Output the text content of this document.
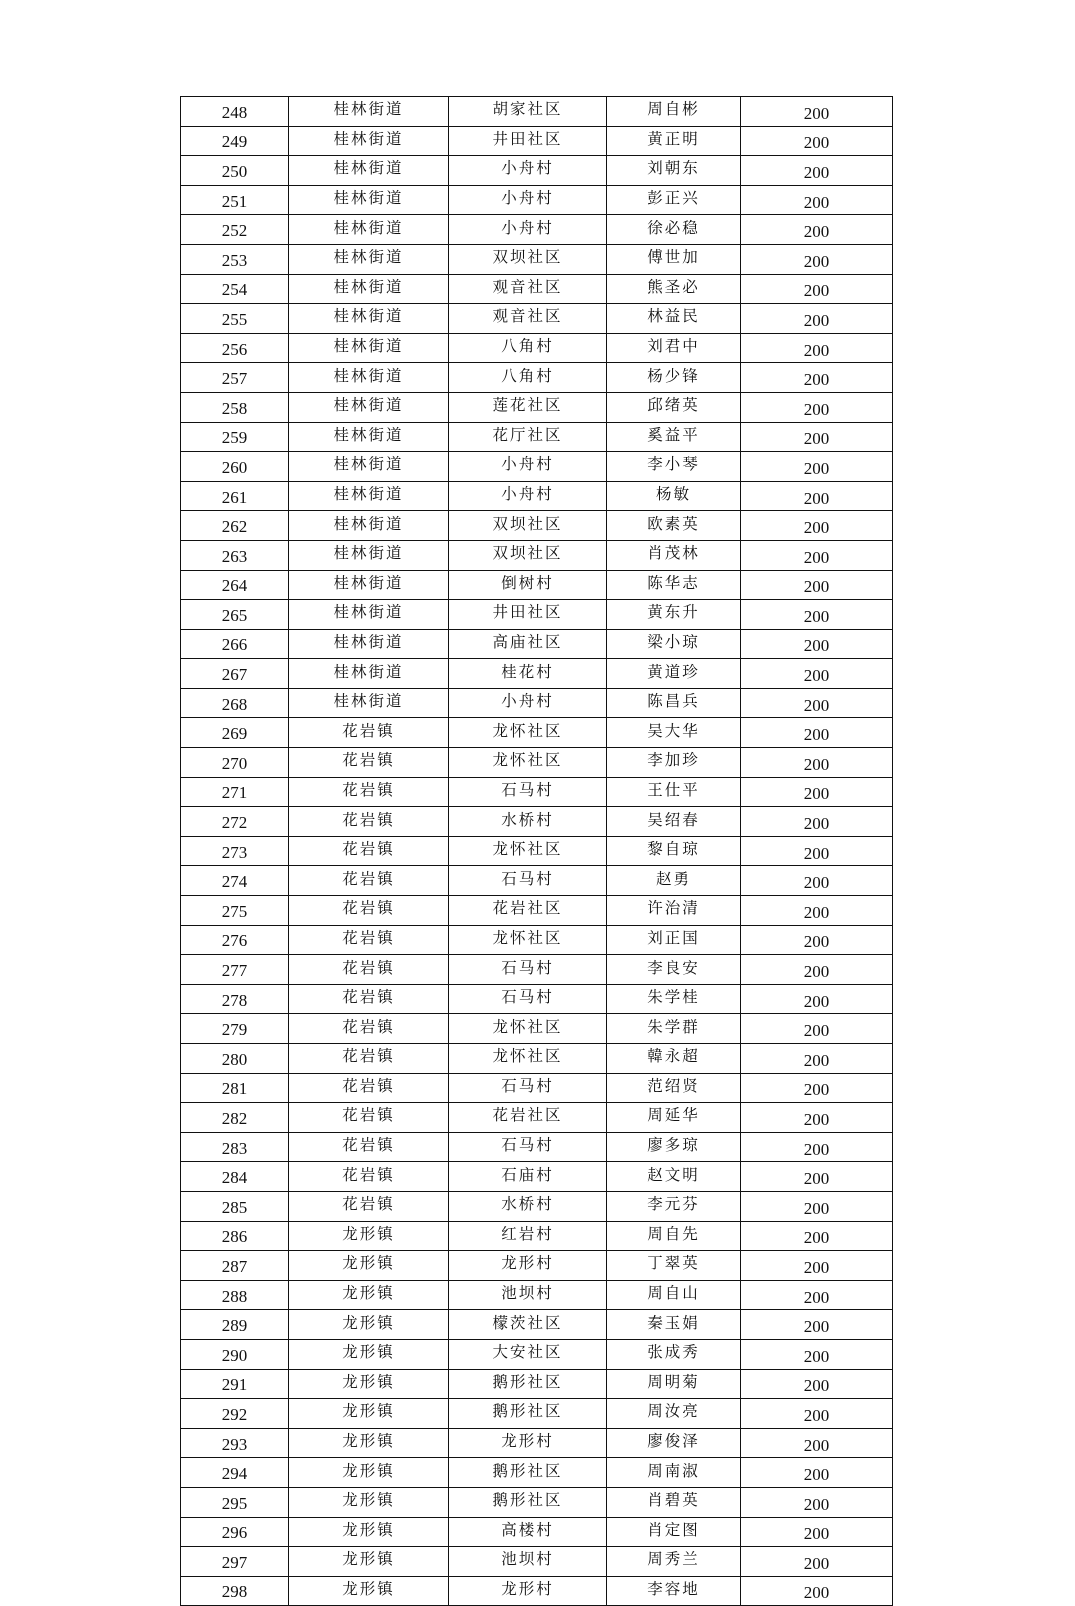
248	桂林街道	胡家社区	周自彬	200
249	桂林街道	井田社区	黄正明	200
250	桂林街道	小舟村	刘朝东	200
251	桂林街道	小舟村	彭正兴	200
252	桂林街道	小舟村	徐必稳	200
253	桂林街道	双坝社区	傅世加	200
254	桂林街道	观音社区	熊圣必	200
255	桂林街道	观音社区	林益民	200
256	桂林街道	八角村	刘君中	200
257	桂林街道	八角村	杨少锋	200
258	桂林街道	莲花社区	邱绪英	200
259	桂林街道	花厅社区	奚益平	200
260	桂林街道	小舟村	李小琴	200
261	桂林街道	小舟村	杨敏	200
262	桂林街道	双坝社区	欧素英	200
263	桂林街道	双坝社区	肖茂林	200
264	桂林街道	倒树村	陈华志	200
265	桂林街道	井田社区	黄东升	200
266	桂林街道	高庙社区	梁小琼	200
267	桂林街道	桂花村	黄道珍	200
268	桂林街道	小舟村	陈昌兵	200
269	花岩镇	龙怀社区	吴大华	200
270	花岩镇	龙怀社区	李加珍	200
271	花岩镇	石马村	王仕平	200
272	花岩镇	水桥村	吴绍春	200
273	花岩镇	龙怀社区	黎自琼	200
274	花岩镇	石马村	赵勇	200
275	花岩镇	花岩社区	许治清	200
276	花岩镇	龙怀社区	刘正国	200
277	花岩镇	石马村	李良安	200
278	花岩镇	石马村	朱学桂	200
279	花岩镇	龙怀社区	朱学群	200
280	花岩镇	龙怀社区	韓永超	200
281	花岩镇	石马村	范绍贤	200
282	花岩镇	花岩社区	周延华	200
283	花岩镇	石马村	廖多琼	200
284	花岩镇	石庙村	赵文明	200
285	花岩镇	水桥村	李元芬	200
286	龙形镇	红岩村	周自先	200
287	龙形镇	龙形村	丁翠英	200
288	龙形镇	池坝村	周自山	200
289	龙形镇	檬茨社区	秦玉娟	200
290	龙形镇	大安社区	张成秀	200
291	龙形镇	鹅形社区	周明菊	200
292	龙形镇	鹅形社区	周汝亮	200
293	龙形镇	龙形村	廖俊泽	200
294	龙形镇	鹅形社区	周南淑	200
295	龙形镇	鹅形社区	肖碧英	200
296	龙形镇	高楼村	肖定图	200
297	龙形镇	池坝村	周秀兰	200
298	龙形镇	龙形村	李容地	200
